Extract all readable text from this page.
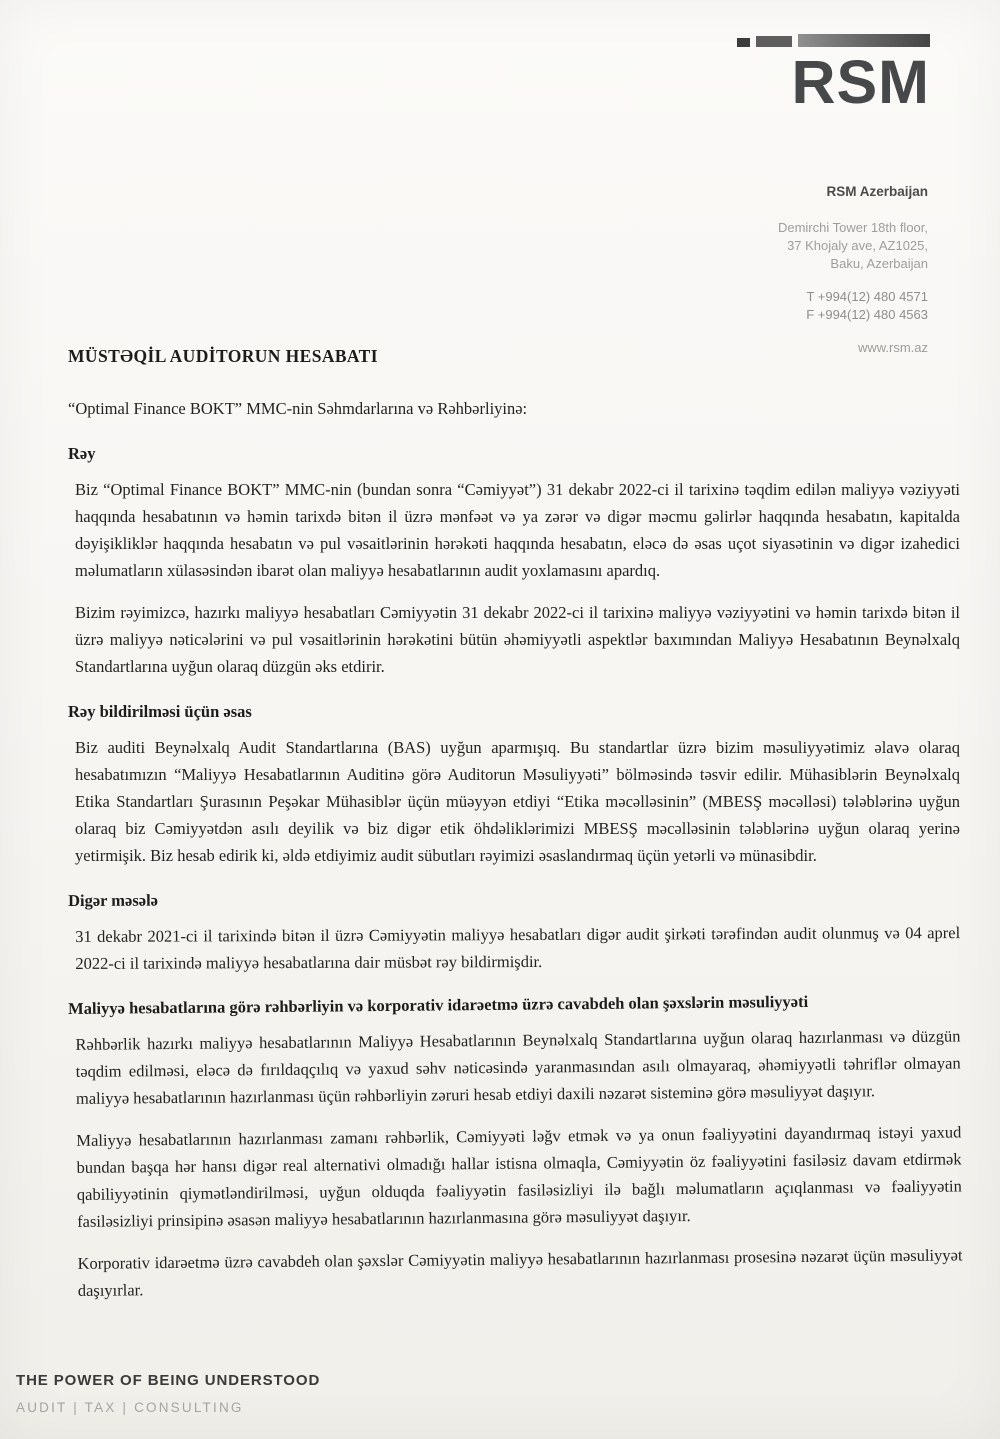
RSM
RSM Azerbaijan
Demirchi Tower 18th floor,
37 Khojaly ave, AZ1025,
Baku, Azerbaijan
T +994(12) 480 4571
F +994(12) 480 4563
www.rsm.az
MÜSTƏQİL AUDİTORUN HESABATI

“Optimal Finance BOKT” MMC-nin Səhmdarlarına və Rəhbərliyinə:

Rəy

Biz “Optimal Finance BOKT” MMC-nin (bundan sonra “Cəmiyyət”) 31 dekabr 2022-ci il tarixinə təqdim edilən maliyyə vəziyyəti haqqında hesabatının və həmin tarixdə bitən il üzrə mənfəət və ya zərər və digər məcmu gəlirlər haqqında hesabatın, kapitalda dəyişikliklər haqqında hesabatın və pul vəsaitlərinin hərəkəti haqqında hesabatın, eləcə də əsas uçot siyasətinin və digər izahedici məlumatların xülasəsindən ibarət olan maliyyə hesabatlarının audit yoxlamasını apardıq.

Bizim rəyimizcə, hazırkı maliyyə hesabatları Cəmiyyətin 31 dekabr 2022-ci il tarixinə maliyyə vəziyyətini və həmin tarixdə bitən il üzrə maliyyə nəticələrini və pul vəsaitlərinin hərəkətini bütün əhəmiyyətli aspektlər baxımından Maliyyə Hesabatının Beynəlxalq Standartlarına uyğun olaraq düzgün əks etdirir.

Rəy bildirilməsi üçün əsas

Biz auditi Beynəlxalq Audit Standartlarına (BAS) uyğun aparmışıq. Bu standartlar üzrə bizim məsuliyyətimiz əlavə olaraq hesabatımızın “Maliyyə Hesabatlarının Auditinə görə Auditorun Məsuliyyəti” bölməsində təsvir edilir. Mühasiblərin Beynəlxalq Etika Standartları Şurasının Peşəkar Mühasiblər üçün müəyyən etdiyi “Etika məcəlləsinin” (MBESŞ məcəlləsi) tələblərinə uyğun olaraq biz Cəmiyyətdən asılı deyilik və biz digər etik öhdəliklərimizi MBESŞ məcəlləsinin tələblərinə uyğun olaraq yerinə yetirmişik. Biz hesab edirik ki, əldə etdiyimiz audit sübutları rəyimizi əsaslandırmaq üçün yetərli və münasibdir.

Digər məsələ

31 dekabr 2021-ci il tarixində bitən il üzrə Cəmiyyətin maliyyə hesabatları digər audit şirkəti tərəfindən audit olunmuş və 04 aprel 2022-ci il tarixində maliyyə hesabatlarına dair müsbət rəy bildirmişdir.

Maliyyə hesabatlarına görə rəhbərliyin və korporativ idarəetmə üzrə cavabdeh olan şəxslərin məsuliyyəti

Rəhbərlik hazırkı maliyyə hesabatlarının Maliyyə Hesabatlarının Beynəlxalq Standartlarına uyğun olaraq hazırlanması və düzgün təqdim edilməsi, eləcə də fırıldaqçılıq və yaxud səhv nəticəsində yaranmasından asılı olmayaraq, əhəmiyyətli təhriflər olmayan maliyyə hesabatlarının hazırlanması üçün rəhbərliyin zəruri hesab etdiyi daxili nəzarət sisteminə görə məsuliyyət daşıyır.

Maliyyə hesabatlarının hazırlanması zamanı rəhbərlik, Cəmiyyəti ləğv etmək və ya onun fəaliyyətini dayandırmaq istəyi yaxud bundan başqa hər hansı digər real alternativi olmadığı hallar istisna olmaqla, Cəmiyyətin öz fəaliyyətini fasiləsiz davam etdirmək qabiliyyətinin qiymətləndirilməsi, uyğun olduqda fəaliyyətin fasiləsizliyi ilə bağlı məlumatların açıqlanması və fəaliyyətin fasiləsizliyi prinsipinə əsasən maliyyə hesabatlarının hazırlanmasına görə məsuliyyət daşıyır.

Korporativ idarəetmə üzrə cavabdeh olan şəxslər Cəmiyyətin maliyyə hesabatlarının hazırlanması prosesinə nəzarət üçün məsuliyyət daşıyırlar.

THE POWER OF BEING UNDERSTOOD
AUDIT | TAX | CONSULTING
